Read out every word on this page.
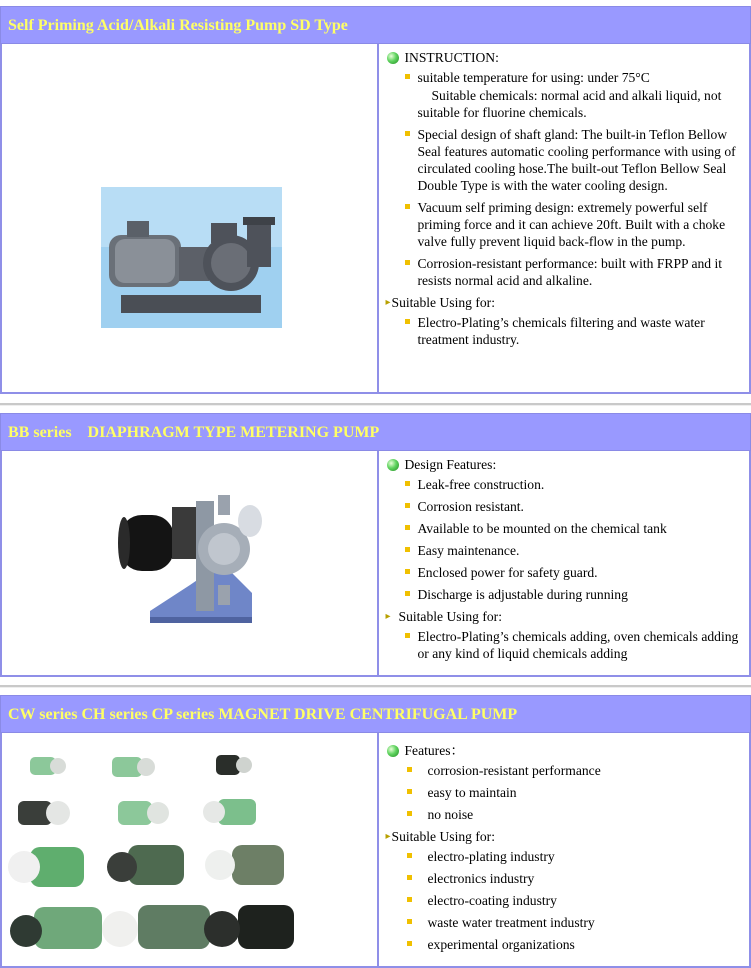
Self Priming Acid/Alkali Resisting Pump SD Type
INSTRUCTION:
suitable temperature for using: under 75°C
Suitable chemicals: normal acid and alkali liquid, not suitable for fluorine chemicals.
Special design of shaft gland: The built-in Teflon Bellow Seal features automatic cooling performance with using of circulated cooling hose.The built-out Teflon Bellow Seal Double Type is with the water cooling design.
Vacuum self priming design: extremely powerful self priming force and it can achieve 20ft. Built with a choke valve fully prevent liquid back-flow in the pump.
Corrosion-resistant performance: built with FRPP and it resists normal acid and alkaline.
▸ Suitable Using for:
Electro-Plating’s chemicals filtering and waste water treatment industry.
BB series　DIAPHRAGM TYPE METERING PUMP
Design Features:
Leak-free construction.
Corrosion resistant.
Available to be mounted on the chemical tank
Easy maintenance.
Enclosed power for safety guard.
Discharge is adjustable during running
▸ Suitable Using for:
Electro-Plating’s chemicals adding, oven chemicals adding or any kind of liquid chemicals adding
CW series CH series CP series MAGNET DRIVE CENTRIFUGAL PUMP
Features：
corrosion-resistant performance
easy to maintain
no noise
▸ Suitable Using for:
electro-plating industry
electronics industry
electro-coating industry
waste water treatment industry
experimental organizations
